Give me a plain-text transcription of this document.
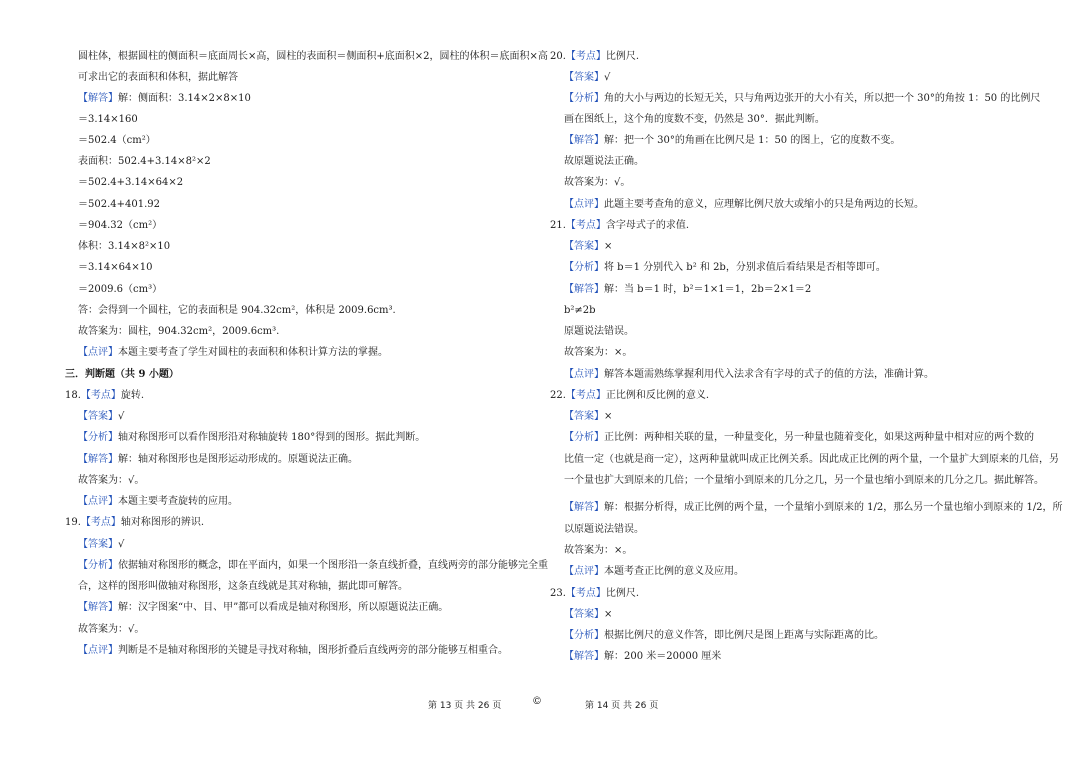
圆柱体，根据圆柱的侧面积＝底面周长×高，圆柱的表面积＝侧面积+底面积×2，圆柱的体积＝底面积×高
可求出它的表面积和体积，据此解答
【解答】解：侧面积：3.14×2×8×10
＝3.14×160
＝502.4（cm²）
表面积：502.4+3.14×8²×2
＝502.4+3.14×64×2
＝502.4+401.92
＝904.32（cm²）
体积：3.14×8²×10
＝3.14×64×10
＝2009.6（cm³）
答：会得到一个圆柱，它的表面积是 904.32cm²，体积是 2009.6cm³.
故答案为：圆柱，904.32cm²，2009.6cm³.
【点评】本题主要考查了学生对圆柱的表面积和体积计算方法的掌握。
三．判断题（共 9 小题）
18.【考点】旋转.
【答案】√
【分析】轴对称图形可以看作图形沿对称轴旋转 180°得到的图形。据此判断。
【解答】解：轴对称图形也是图形运动形成的。原题说法正确。
故答案为：√。
【点评】本题主要考查旋转的应用。
19.【考点】轴对称图形的辨识.
【答案】√
【分析】依据轴对称图形的概念，即在平面内，如果一个图形沿一条直线折叠，直线两旁的部分能够完全重
合，这样的图形叫做轴对称图形，这条直线就是其对称轴，据此即可解答。
【解答】解：汉字图案“中、目、甲”都可以看成是轴对称图形，所以原题说法正确。
故答案为：√。
【点评】判断是不是轴对称图形的关键是寻找对称轴，图形折叠后直线两旁的部分能够互相重合。
20.【考点】比例尺.
【答案】√
【分析】角的大小与两边的长短无关，只与角两边张开的大小有关，所以把一个 30°的角按 1：50 的比例尺
画在图纸上，这个角的度数不变，仍然是 30°．据此判断。
【解答】解：把一个 30°的角画在比例尺是 1：50 的图上，它的度数不变。
故原题说法正确。
故答案为：√。
【点评】此题主要考查角的意义，应理解比例尺放大或缩小的只是角两边的长短。
21.【考点】含字母式子的求值.
【答案】×
【分析】将 b＝1 分别代入 b² 和 2b，分别求值后看结果是否相等即可。
【解答】解：当 b＝1 时，b²＝1×1＝1，2b＝2×1＝2
b²≠2b
原题说法错误。
故答案为：×。
【点评】解答本题需熟练掌握利用代入法求含有字母的式子的值的方法，准确计算。
22.【考点】正比例和反比例的意义.
【答案】×
【分析】正比例：两种相关联的量，一种量变化，另一种量也随着变化，如果这两种量中相对应的两个数的
比值一定（也就是商一定），这两种量就叫成正比例关系。因此成正比例的两个量，一个量扩大到原来的几倍，另
一个量也扩大到原来的几倍；一个量缩小到原来的几分之几，另一个量也缩小到原来的几分之几。据此解答。
【解答】解：根据分析得，成正比例的两个量，一个量缩小到原来的 1/2，那么另一个量也缩小到原来的 1/2，所
以原题说法错误。
故答案为：×。
【点评】本题考查正比例的意义及应用。
23.【考点】比例尺.
【答案】×
【分析】根据比例尺的意义作答，即比例尺是图上距离与实际距离的比。
【解答】解：200 米＝20000 厘米
第 13 页 共 26 页	©	第 14 页 共 26 页
